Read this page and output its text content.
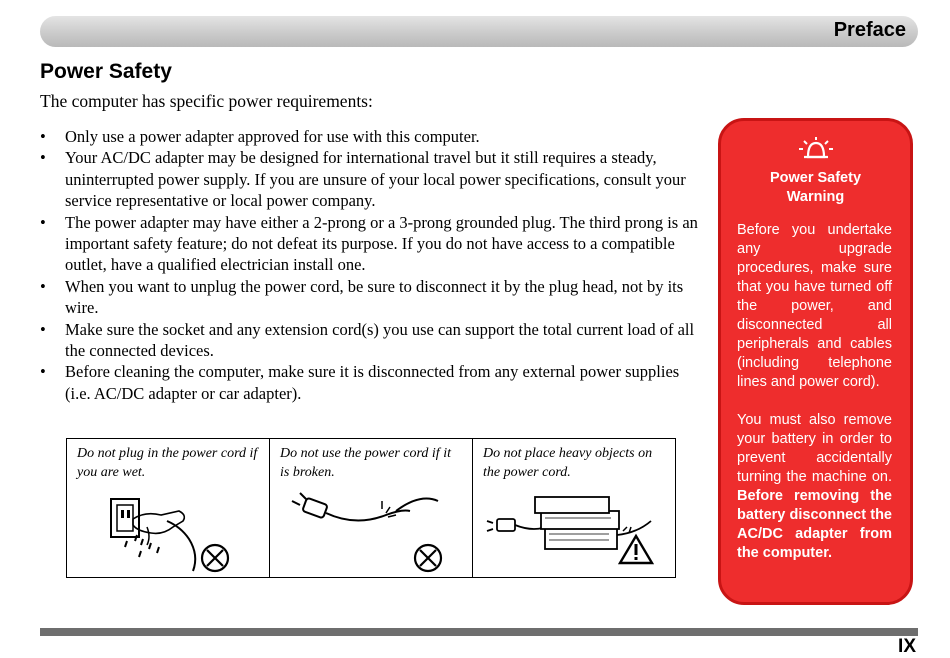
Preface
Power Safety
The computer has specific power requirements:
• Only use a power adapter approved for use with this computer.
• Your AC/DC adapter may be designed for international travel but it still requires a steady, uninterrupted power supply. If you are unsure of your local power specifications, consult your service representative or local power company.
• The power adapter may have either a 2-prong or a 3-prong grounded plug. The third prong is an important safety feature; do not defeat its purpose. If you do not have access to a compatible outlet, have a qualified electrician install one.
• When you want to unplug the power cord, be sure to disconnect it by the plug head, not by its wire.
• Make sure the socket and any extension cord(s) you use can support the total current load of all the connected devices.
• Before cleaning the computer, make sure it is disconnected from any external power supplies (i.e. AC/DC adapter or car adapter).
Do not plug in the power cord if you are wet.
Do not use the power cord if it is broken.
Do not place heavy objects on the power cord.
Power Safety
Warning

Before you undertake any upgrade procedures, make sure that you have turned off the power, and disconnected all peripherals and cables (including telephone lines and power cord).

You must also remove your battery in order to prevent accidentally turning the machine on. Before removing the battery disconnect the AC/DC adapter from the computer.

IX
